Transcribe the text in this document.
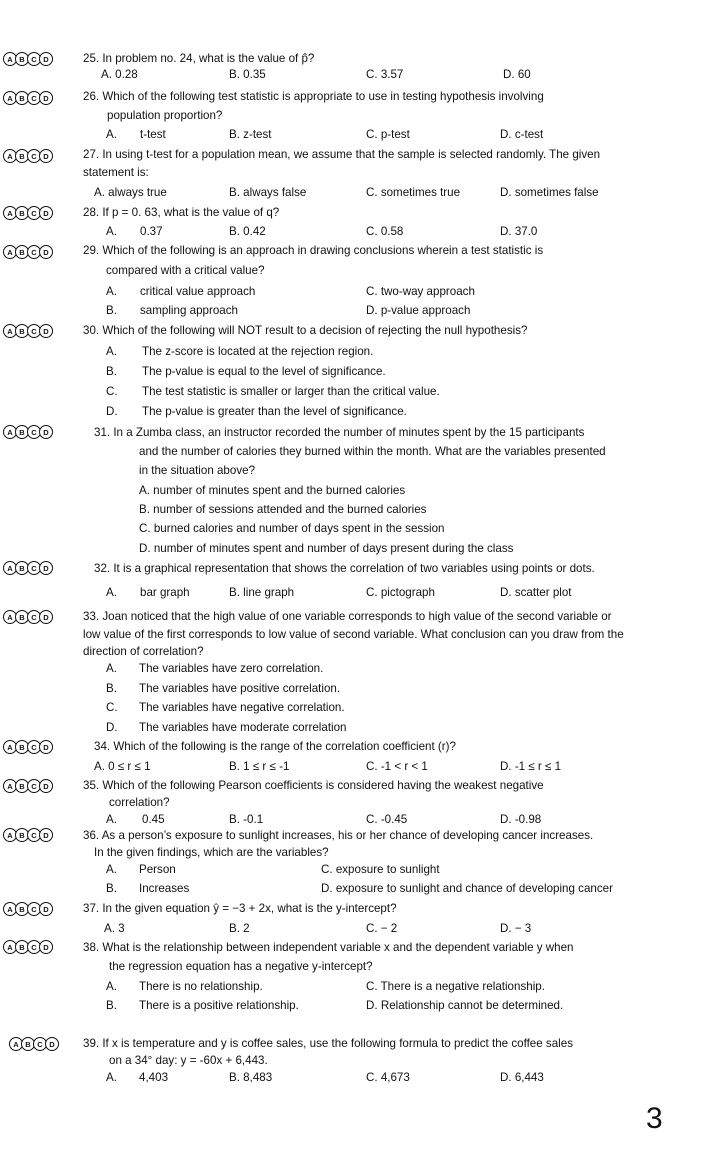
A B C D
A B C D
A B C D
A B C D
A B C D
A B C D
A B C D
A B C D
A B C D
A B C D
A B C D
A B C D
A B C D
A B C D
A B C D
25. In problem no. 24, what is the value of p̂?
A. 0.28	B. 0.35	C. 3.57	D. 60
26. Which of the following test statistic is appropriate to use in testing hypothesis involving
population proportion?
A. t-test	B. z-test	C. p-test	D. c-test
27. In using t-test for a population mean, we assume that the sample is selected randomly. The given
statement is:
A. always true	B. always false	C. sometimes true	D. sometimes false
28. If p = 0. 63, what is the value of q?
A. 0.37	B. 0.42	C. 0.58	D. 37.0
29. Which of the following is an approach in drawing conclusions wherein a test statistic is
compared with a critical value?
A. critical value approach	C. two-way approach
B. sampling approach	D. p-value approach
30. Which of the following will NOT result to a decision of rejecting the null hypothesis?
A. The z-score is located at the rejection region.
B. The p-value is equal to the level of significance.
C. The test statistic is smaller or larger than the critical value.
D. The p-value is greater than the level of significance.
31. In a Zumba class, an instructor recorded the number of minutes spent by the 15 participants
and the number of calories they burned within the month. What are the variables presented
in the situation above?
A. number of minutes spent and the burned calories
B. number of sessions attended and the burned calories
C. burned calories and number of days spent in the session
D. number of minutes spent and number of days present during the class
32. It is a graphical representation that shows the correlation of two variables using points or dots.
A. bar graph	B. line graph	C. pictograph	D. scatter plot
33. Joan noticed that the high value of one variable corresponds to high value of the second variable or
low value of the first corresponds to low value of second variable. What conclusion can you draw from the
direction of correlation?
A. The variables have zero correlation.
B. The variables have positive correlation.
C. The variables have negative correlation.
D. The variables have moderate correlation
34. Which of the following is the range of the correlation coefficient (r)?
A. 0 ≤ r ≤ 1	B. 1 ≤ r ≤ -1	C. -1 < r < 1	D. -1 ≤ r ≤ 1
35. Which of the following Pearson coefficients is considered having the weakest negative
correlation?
A. 0.45	B. -0.1	C. -0.45	D. -0.98
36. As a person’s exposure to sunlight increases, his or her chance of developing cancer increases.
In the given findings, which are the variables?
A. Person	C. exposure to sunlight
B. Increases	D. exposure to sunlight and chance of developing cancer
37. In the given equation ŷ = −3 + 2x, what is the y-intercept?
A. 3	B. 2	C. − 2	D. − 3
38. What is the relationship between independent variable x and the dependent variable y when
the regression equation has a negative y-intercept?
A. There is no relationship.	C. There is a negative relationship.
B. There is a positive relationship.	D. Relationship cannot be determined.
39. If x is temperature and y is coffee sales, use the following formula to predict the coffee sales
on a 34° day: y = -60x + 6,443.
A. 4,403	B. 8,483	C. 4,673	D. 6,443
3
